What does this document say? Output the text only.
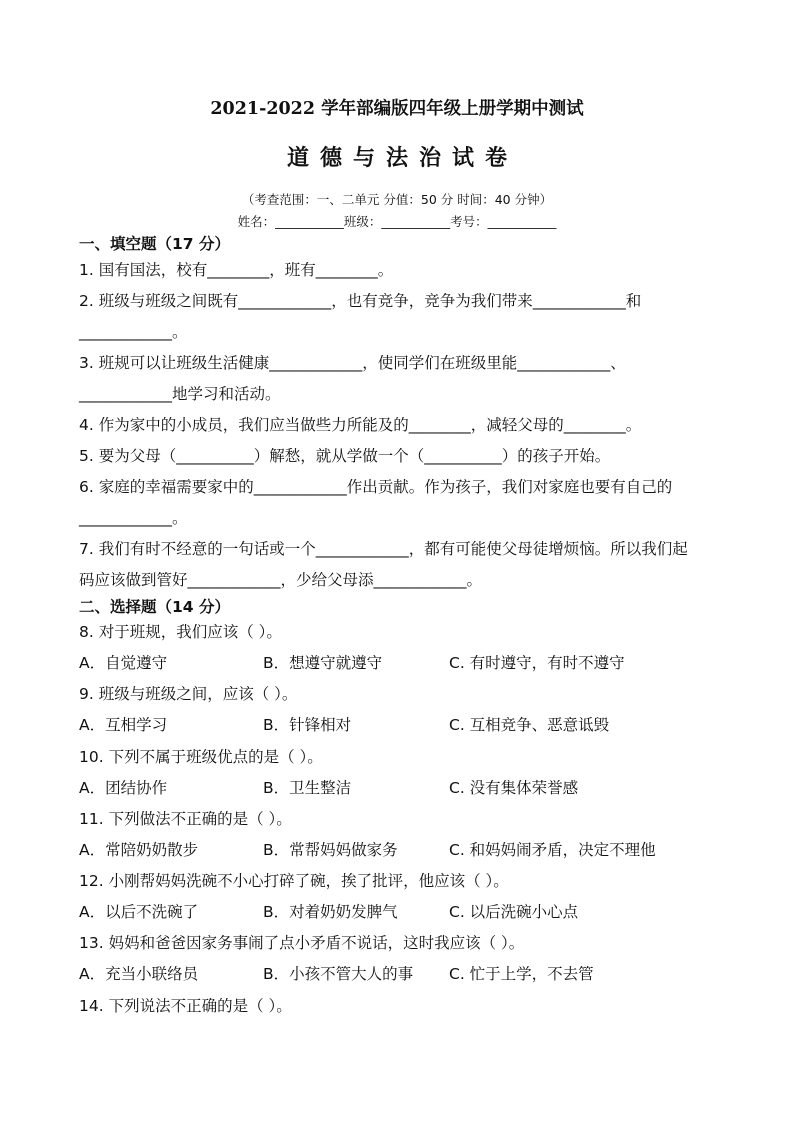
2021-2022 学年部编版四年级上册学期中测试
道德与法治试卷
（考查范围：一、二单元 分值：50 分 时间：40 分钟）
姓名：___________班级：___________考号：___________
一、填空题（17 分）
1. 国有国法，校有________，班有________。
2. 班级与班级之间既有____________，也有竞争，竞争为我们带来____________和
____________。
3. 班规可以让班级生活健康____________，使同学们在班级里能____________、
____________地学习和活动。
4. 作为家中的小成员，我们应当做些力所能及的________，减轻父母的________。
5. 要为父母（__________）解愁，就从学做一个（__________）的孩子开始。
6. 家庭的幸福需要家中的____________作出贡献。作为孩子，我们对家庭也要有自己的
____________。
7. 我们有时不经意的一句话或一个____________，都有可能使父母徒增烦恼。所以我们起
码应该做到管好____________，少给父母添____________。
二、选择题（14 分）
8. 对于班规，我们应该（ ）。
A．自觉遵守	B．想遵守就遵守	C. 有时遵守，有时不遵守
9. 班级与班级之间，应该（ ）。
A．互相学习	B．针锋相对	C. 互相竞争、恶意诋毁
10. 下列不属于班级优点的是（ ）。
A．团结协作	B．卫生整洁	C. 没有集体荣誉感
11. 下列做法不正确的是（ ）。
A．常陪奶奶散步	B．常帮妈妈做家务	C. 和妈妈闹矛盾，决定不理他
12. 小刚帮妈妈洗碗不小心打碎了碗，挨了批评，他应该（ ）。
A．以后不洗碗了	B．对着奶奶发脾气	C. 以后洗碗小心点
13. 妈妈和爸爸因家务事闹了点小矛盾不说话，这时我应该（ ）。
A．充当小联络员	B．小孩不管大人的事 C. 忙于上学，不去管
14. 下列说法不正确的是（ ）。
